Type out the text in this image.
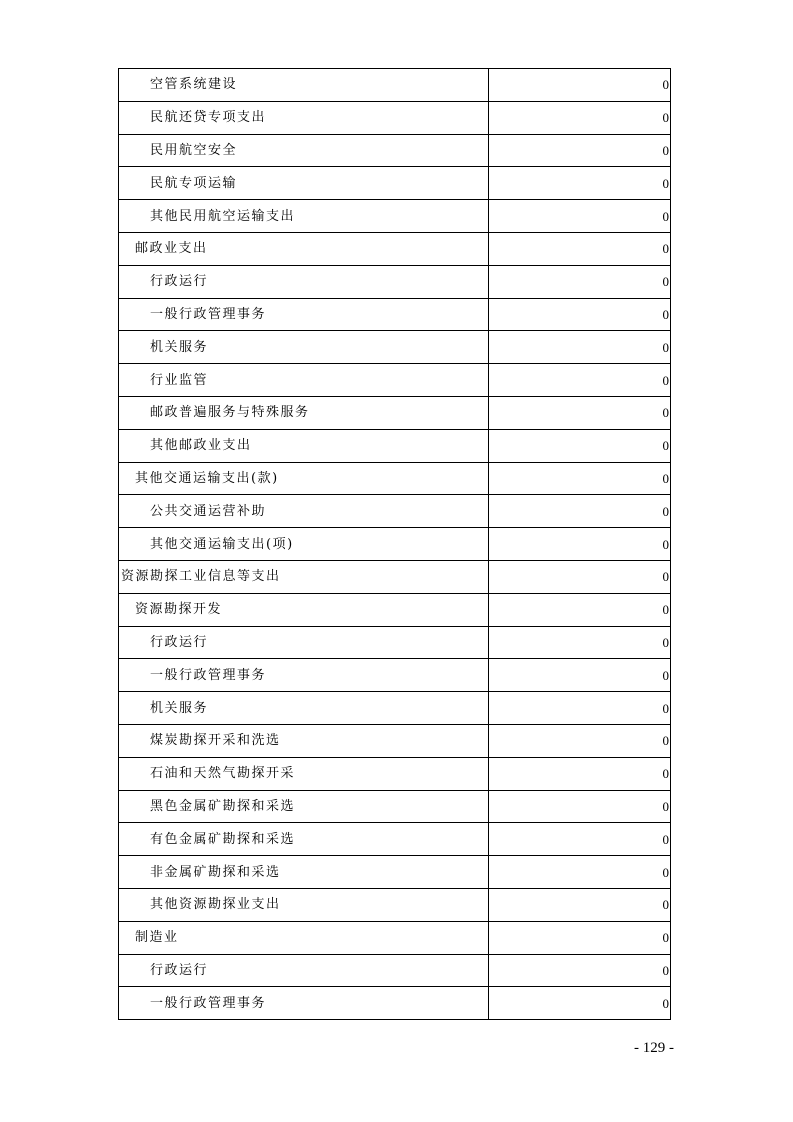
空管系统建设	0
民航还贷专项支出	0
民用航空安全	0
民航专项运输	0
其他民用航空运输支出	0
邮政业支出	0
行政运行	0
一般行政管理事务	0
机关服务	0
行业监管	0
邮政普遍服务与特殊服务	0
其他邮政业支出	0
其他交通运输支出(款)	0
公共交通运营补助	0
其他交通运输支出(项)	0
资源勘探工业信息等支出	0
资源勘探开发	0
行政运行	0
一般行政管理事务	0
机关服务	0
煤炭勘探开采和洗选	0
石油和天然气勘探开采	0
黑色金属矿勘探和采选	0
有色金属矿勘探和采选	0
非金属矿勘探和采选	0
其他资源勘探业支出	0
制造业	0
行政运行	0
一般行政管理事务	0
- 129 -
